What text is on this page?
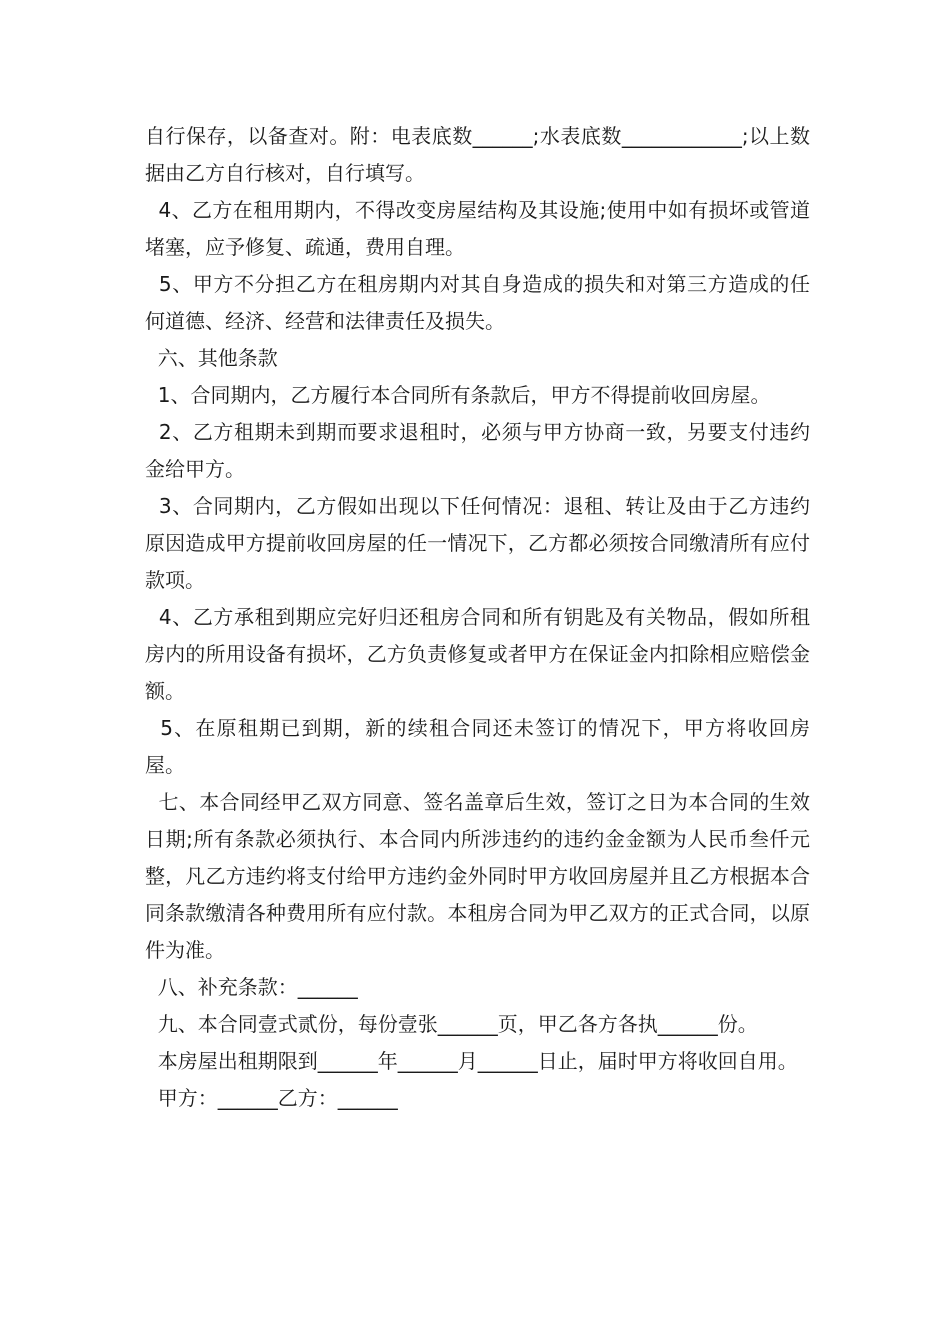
自行保存，以备查对。附：电表底数______;水表底数____________;以上数据由乙方自行核对，自行填写。

4、乙方在租用期内，不得改变房屋结构及其设施;使用中如有损坏或管道堵塞，应予修复、疏通，费用自理。

5、甲方不分担乙方在租房期内对其自身造成的损失和对第三方造成的任何道德、经济、经营和法律责任及损失。

六、其他条款

1、合同期内，乙方履行本合同所有条款后，甲方不得提前收回房屋。

2、乙方租期未到期而要求退租时，必须与甲方协商一致，另要支付违约金给甲方。

3、合同期内，乙方假如出现以下任何情况：退租、转让及由于乙方违约原因造成甲方提前收回房屋的任一情况下，乙方都必须按合同缴清所有应付款项。

4、乙方承租到期应完好归还租房合同和所有钥匙及有关物品，假如所租房内的所用设备有损坏，乙方负责修复或者甲方在保证金内扣除相应赔偿金额。

5、在原租期已到期，新的续租合同还未签订的情况下，甲方将收回房屋。

七、本合同经甲乙双方同意、签名盖章后生效，签订之日为本合同的生效日期;所有条款必须执行、本合同内所涉违约的违约金金额为人民币叁仟元整，凡乙方违约将支付给甲方违约金外同时甲方收回房屋并且乙方根据本合同条款缴清各种费用所有应付款。本租房合同为甲乙双方的正式合同，以原件为准。

八、补充条款：______

九、本合同壹式贰份，每份壹张______页，甲乙各方各执______份。

本房屋出租期限到______年______月______日止，届时甲方将收回自用。

甲方：______乙方：______
